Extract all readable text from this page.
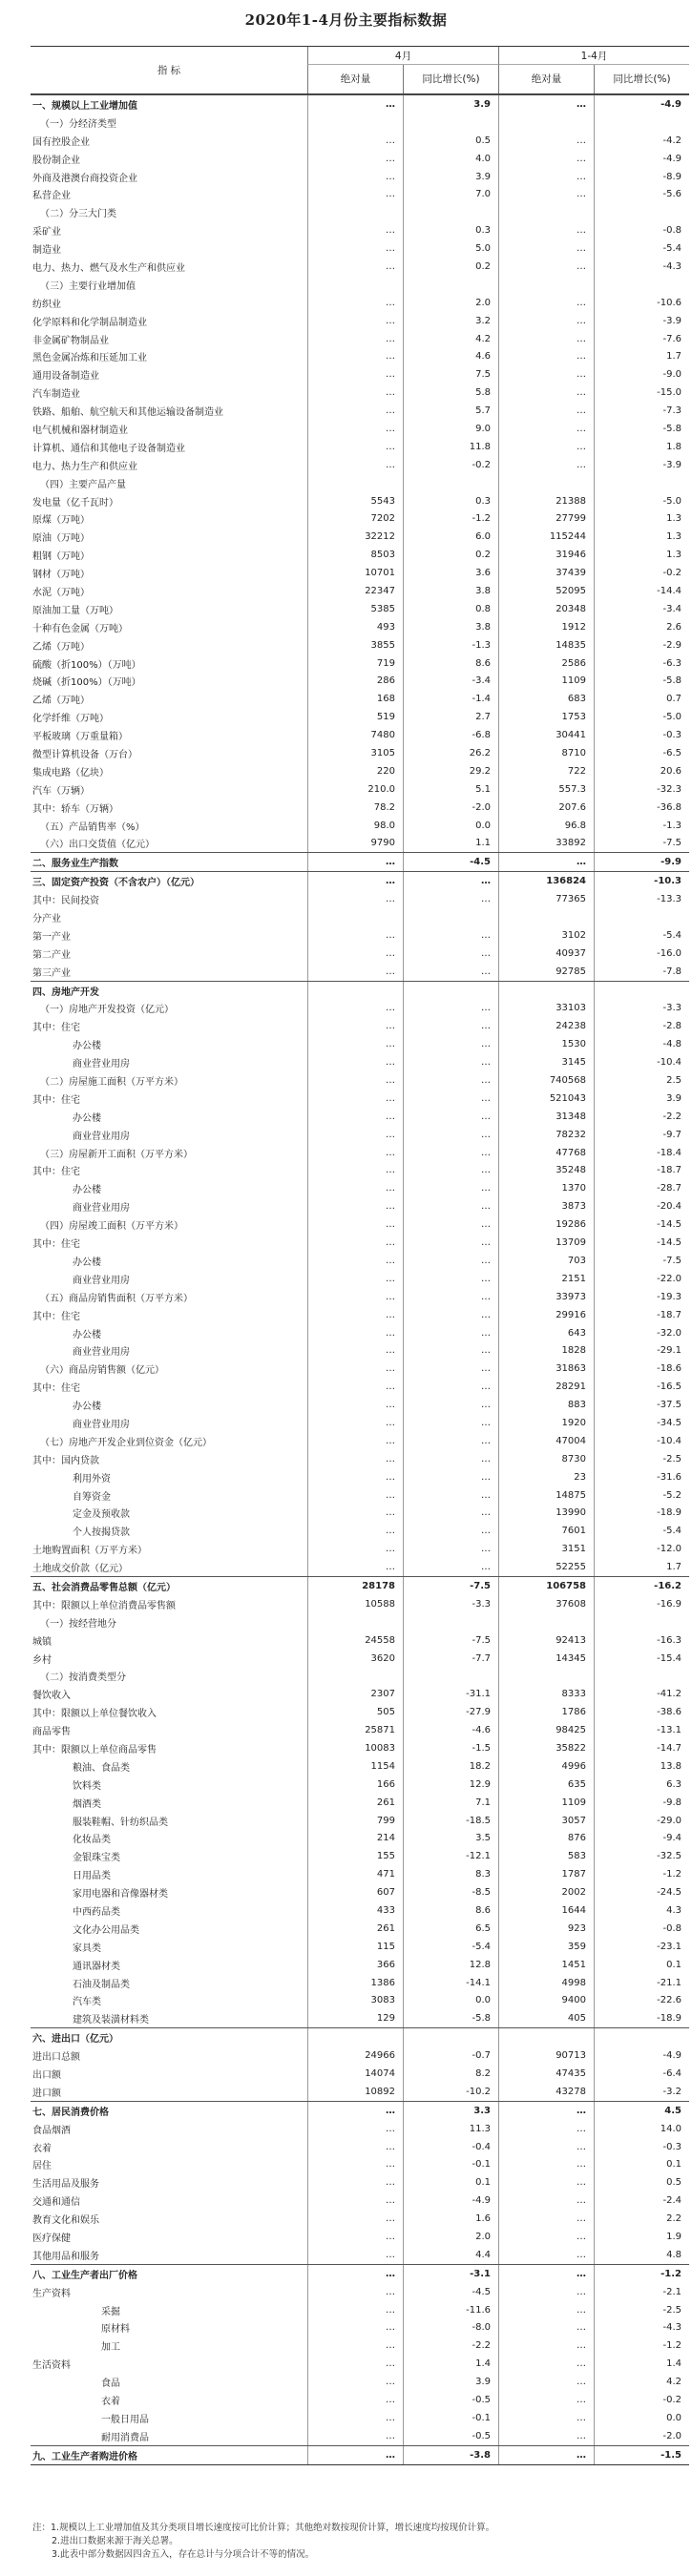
2020年1-4月份主要指标数据
指 标
4月	1-4月
绝对量	同比增长 (%)	绝对量	同比增长 (%)
一、规模以上工业增加值	…	3.9	…	-4.9
（一）分经济类型
国有控股企业	…	0.5	…	-4.2
股份制企业	…	4.0	…	-4.9
外商及港澳台商投资企业	…	3.9	…	-8.9
私营企业	…	7.0	…	-5.6
（二）分三大门类
采矿业	…	0.3	…	-0.8
制造业	…	5.0	…	-5.4
电力、热力、燃气及水生产和供应业	…	0.2	…	-4.3
（三）主要行业增加值
纺织业	…	2.0	…	-10.6
化学原料和化学制品制造业	…	3.2	…	-3.9
非金属矿物制品业	…	4.2	…	-7.6
黑色金属冶炼和压延加工业	…	4.6	…	1.7
通用设备制造业	…	7.5	…	-9.0
汽车制造业	…	5.8	…	-15.0
铁路、船舶、航空航天和其他运输设备制造业	…	5.7	…	-7.3
电气机械和器材制造业	…	9.0	…	-5.8
计算机、通信和其他电子设备制造业	…	11.8	…	1.8
电力、热力生产和供应业	…	-0.2	…	-3.9
（四）主要产品产量
发电量（亿千瓦时）	5543	0.3	21388	-5.0
原煤（万吨）	7202	-1.2	27799	1.3
原油（万吨）	32212	6.0	115244	1.3
粗钢（万吨）	8503	0.2	31946	1.3
钢材（万吨）	10701	3.6	37439	-0.2
水泥（万吨）	22347	3.8	52095	-14.4
原油加工量（万吨）	5385	0.8	20348	-3.4
十种有色金属（万吨）	493	3.8	1912	2.6
乙烯（万吨）	3855	-1.3	14835	-2.9
硫酸（折100%）（万吨）	719	8.6	2586	-6.3
烧碱（折100%）（万吨）	286	-3.4	1109	-5.8
乙烯（万吨）	168	-1.4	683	0.7
化学纤维（万吨）	519	2.7	1753	-5.0
平板玻璃（万重量箱）	7480	-6.8	30441	-0.3
微型计算机设备（万台）	3105	26.2	8710	-6.5
集成电路（亿块）	220	29.2	722	20.6
汽车（万辆）	210.0	5.1	557.3	-32.3
其中：轿车（万辆）	78.2	-2.0	207.6	-36.8
（五）产品销售率（%）	98.0	0.0	96.8	-1.3
（六）出口交货值（亿元）	9790	1.1	33892	-7.5
二、服务业生产指数	…	-4.5	…	-9.9
三、固定资产投资（不含农户）（亿元）	…	…	136824	-10.3
其中：民间投资	…	…	77365	-13.3
分产业
第一产业	…	…	3102	-5.4
第二产业	…	…	40937	-16.0
第三产业	…	…	92785	-7.8
四、房地产开发
（一）房地产开发投资（亿元）	…	…	33103	-3.3
其中：住宅	…	…	24238	-2.8
办公楼	…	…	1530	-4.8
商业营业用房	…	…	3145	-10.4
（二）房屋施工面积（万平方米）	…	…	740568	2.5
其中：住宅	…	…	521043	3.9
办公楼	…	…	31348	-2.2
商业营业用房	…	…	78232	-9.7
（三）房屋新开工面积（万平方米）	…	…	47768	-18.4
其中：住宅	…	…	35248	-18.7
办公楼	…	…	1370	-28.7
商业营业用房	…	…	3873	-20.4
（四）房屋竣工面积（万平方米）	…	…	19286	-14.5
其中：住宅	…	…	13709	-14.5
办公楼	…	…	703	-7.5
商业营业用房	…	…	2151	-22.0
（五）商品房销售面积（万平方米）	…	…	33973	-19.3
其中：住宅	…	…	29916	-18.7
办公楼	…	…	643	-32.0
商业营业用房	…	…	1828	-29.1
（六）商品房销售额（亿元）	…	…	31863	-18.6
其中：住宅	…	…	28291	-16.5
办公楼	…	…	883	-37.5
商业营业用房	…	…	1920	-34.5
（七）房地产开发企业到位资金（亿元）	…	…	47004	-10.4
其中：国内贷款	…	…	8730	-2.5
利用外资	…	…	23	-31.6
自筹资金	…	…	14875	-5.2
定金及预收款	…	…	13990	-18.9
个人按揭贷款	…	…	7601	-5.4
土地购置面积（万平方米）	…	…	3151	-12.0
土地成交价款（亿元）	…	…	52255	1.7
五、社会消费品零售总额（亿元）	28178	-7.5	106758	-16.2
其中：限额以上单位消费品零售额	10588	-3.3	37608	-16.9
（一）按经营地分
城镇	24558	-7.5	92413	-16.3
乡村	3620	-7.7	14345	-15.4
（二）按消费类型分
餐饮收入	2307	-31.1	8333	-41.2
其中：限额以上单位餐饮收入	505	-27.9	1786	-38.6
商品零售	25871	-4.6	98425	-13.1
其中：限额以上单位商品零售	10083	-1.5	35822	-14.7
粮油、食品类	1154	18.2	4996	13.8
饮料类	166	12.9	635	6.3
烟酒类	261	7.1	1109	-9.8
服装鞋帽、针纺织品类	799	-18.5	3057	-29.0
化妆品类	214	3.5	876	-9.4
金银珠宝类	155	-12.1	583	-32.5
日用品类	471	8.3	1787	-1.2
家用电器和音像器材类	607	-8.5	2002	-24.5
中西药品类	433	8.6	1644	4.3
文化办公用品类	261	6.5	923	-0.8
家具类	115	-5.4	359	-23.1
通讯器材类	366	12.8	1451	0.1
石油及制品类	1386	-14.1	4998	-21.1
汽车类	3083	0.0	9400	-22.6
建筑及装潢材料类	129	-5.8	405	-18.9
六、进出口（亿元）
进出口总额	24966	-0.7	90713	-4.9
出口额	14074	8.2	47435	-6.4
进口额	10892	-10.2	43278	-3.2
七、居民消费价格	…	3.3	…	4.5
食品烟酒	…	11.3	…	14.0
衣着	…	-0.4	…	-0.3
居住	…	-0.1	…	0.1
生活用品及服务	…	0.1	…	0.5
交通和通信	…	-4.9	…	-2.4
教育文化和娱乐	…	1.6	…	2.2
医疗保健	…	2.0	…	1.9
其他用品和服务	…	4.4	…	4.8
八、工业生产者出厂价格	…	-3.1	…	-1.2
生产资料	…	-4.5	…	-2.1
采掘	…	-11.6	…	-2.5
原材料	…	-8.0	…	-4.3
加工	…	-2.2	…	-1.2
生活资料	…	1.4	…	1.4
食品	…	3.9	…	4.2
衣着	…	-0.5	…	-0.2
一般日用品	…	-0.1	…	0.0
耐用消费品	…	-0.5	…	-2.0
九、工业生产者购进价格	…	-3.8	…	-1.5
注：1.规模以上工业增加值及其分类项目增长速度按可比价计算；其他绝对数按现价计算，增长速度均按现价计算。
2.进出口数据来源于海关总署。
3.此表中部分数据因四舍五入，存在总计与分项合计不等的情况。
